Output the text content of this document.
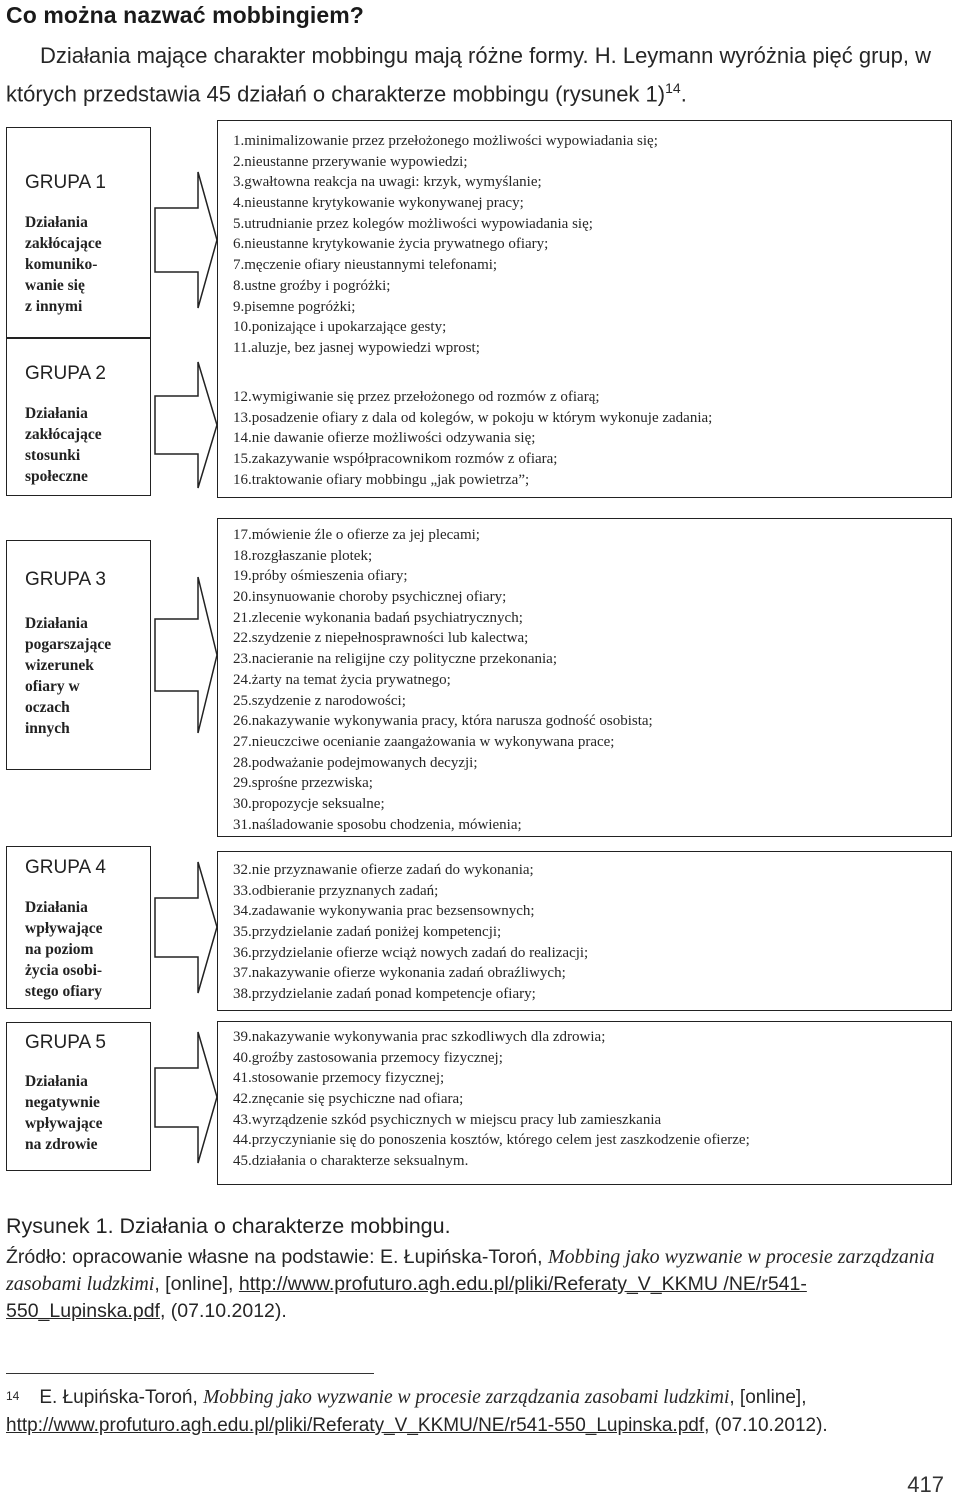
Co można nazwać mobbingiem?
Działania mające charakter mobbingu mają różne formy. H. Leymann wyróżnia pięć grup, w których przedstawia 45 działań o charakterze mobbingu (rysunek 1)$^{14}$.
GRUPA 1
Działania
zakłócające
komuniko-
wanie się
z innymi
GRUPA 2
Działania
zakłócające
stosunki
społeczne
GRUPA 3
Działania
pogarszające
wizerunek
ofiary w
oczach
innych
GRUPA 4
Działania
wpływające
na poziom
życia osobi-
stego ofiary
GRUPA 5
Działania
negatywnie
wpływające
na zdrowie
1.minimalizowanie przez przełożonego możliwości wypowiadania się;
2.nieustanne przerywanie wypowiedzi;
3.gwałtowna reakcja na uwagi: krzyk, wymyślanie;
4.nieustanne krytykowanie wykonywanej pracy;
5.utrudnianie przez kolegów możliwości wypowiadania się;
6.nieustanne krytykowanie życia prywatnego ofiary;
7.męczenie ofiary nieustannymi telefonami;
8.ustne groźby i pogróżki;
9.pisemne pogróżki;
10.ponizające i upokarzające gesty;
11.aluzje, bez jasnej wypowiedzi wprost;
12.wymigiwanie się przez przełożonego od rozmów z ofiarą;
13.posadzenie ofiary z dala od kolegów, w pokoju w którym wykonuje zadania;
14.nie dawanie ofierze możliwości odzywania się;
15.zakazywanie współpracownikom rozmów z ofiara;
16.traktowanie ofiary mobbingu „jak powietrza”;
17.mówienie źle o ofierze za jej plecami;
18.rozgłaszanie plotek;
19.próby ośmieszenia ofiary;
20.insynuowanie choroby psychicznej ofiary;
21.zlecenie wykonania badań psychiatrycznych;
22.szydzenie z niepełnosprawności lub kalectwa;
23.nacieranie na religijne czy polityczne przekonania;
24.żarty na temat życia prywatnego;
25.szydzenie z narodowości;
26.nakazywanie wykonywania pracy, która narusza godność osobista;
27.nieuczciwe ocenianie zaangażowania w wykonywana prace;
28.podważanie podejmowanych decyzji;
29.sprośne przezwiska;
30.propozycje seksualne;
31.naśladowanie sposobu chodzenia, mówienia;
32.nie przyznawanie ofierze zadań do wykonania;
33.odbieranie przyznanych zadań;
34.zadawanie wykonywania prac bezsensownych;
35.przydzielanie zadań poniżej kompetencji;
36.przydzielanie ofierze wciąż nowych zadań do realizacji;
37.nakazywanie ofierze wykonania zadań obraźliwych;
38.przydzielanie zadań ponad kompetencje ofiary;
39.nakazywanie wykonywania prac szkodliwych dla zdrowia;
40.groźby zastosowania przemocy fizycznej;
41.stosowanie przemocy fizycznej;
42.znęcanie się psychiczne nad ofiara;
43.wyrządzenie szkód psychicznych w miejscu pracy lub zamieszkania
44.przyczynianie się do ponoszenia kosztów, którego celem jest zaszkodzenie ofierze;
45.działania o charakterze seksualnym.
Rysunek 1. Działania o charakterze mobbingu.
Źródło: opracowanie własne na podstawie: E. Łupińska-Toroń, Mobbing jako wyzwanie w procesie zarządzania zasobami ludzkimi, [online], http://www.profuturo.agh.edu.pl/pliki/Referaty_V_KKMU /NE/r541-550_Lupinska.pdf, (07.10.2012).
$^{14}$ E. Łupińska-Toroń, Mobbing jako wyzwanie w procesie zarządzania zasobami ludzkimi, [online], http://www.profuturo.agh.edu.pl/pliki/Referaty_V_KKMU/NE/r541-550_Lupinska.pdf, (07.10.2012).
417
